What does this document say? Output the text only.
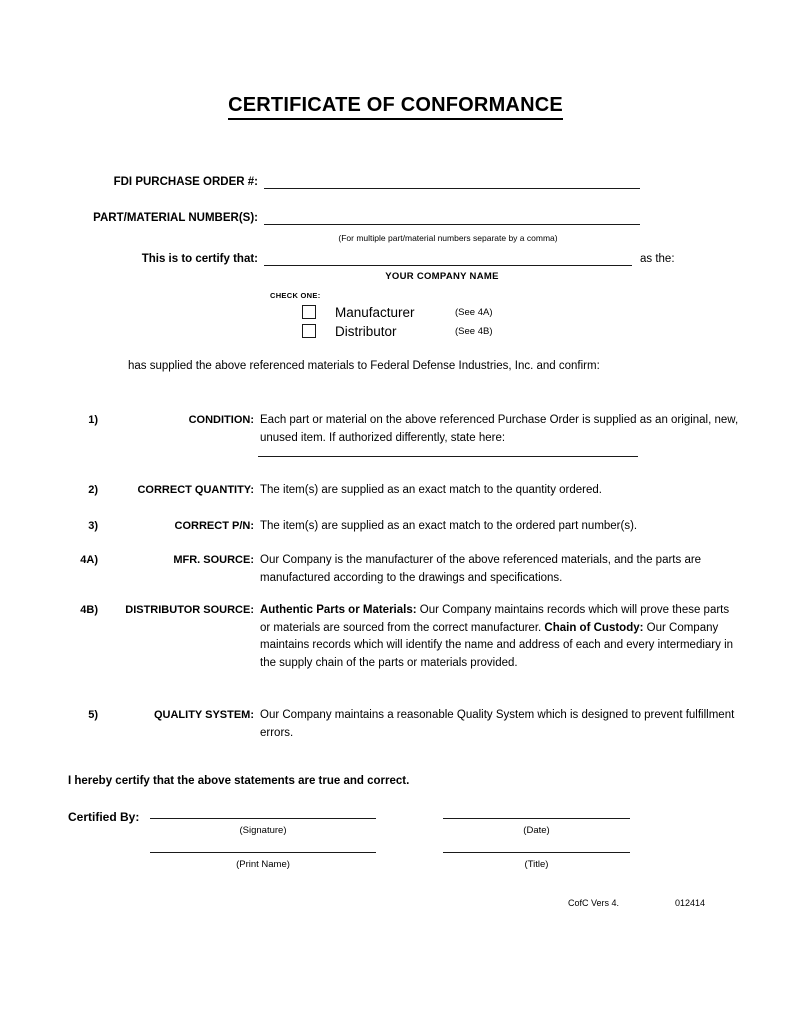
CERTIFICATE OF CONFORMANCE
FDI PURCHASE ORDER #:
PART/MATERIAL NUMBER(S):
(For multiple part/material numbers separate by a comma)
This is to certify that:	as the:
YOUR COMPANY NAME
CHECK ONE:
Manufacturer	(See 4A)
Distributor	(See 4B)
has supplied the above referenced materials to Federal Defense Industries, Inc. and confirm:
1)	CONDITION: Each part or material on the above referenced Purchase Order is supplied as an original, new, unused item. If authorized differently, state here:
2)	CORRECT QUANTITY: The item(s) are supplied as an exact match to the quantity ordered.
3)	CORRECT P/N: The item(s) are supplied as an exact match to the ordered part number(s).
4A)	MFR. SOURCE: Our Company is the manufacturer of the above referenced materials, and the parts are manufactured according to the drawings and specifications.
4B)	DISTRIBUTOR SOURCE: Authentic Parts or Materials: Our Company maintains records which will prove these parts or materials are sourced from the correct manufacturer. Chain of Custody: Our Company maintains records which will identify the name and address of each and every intermediary in the supply chain of the parts or materials provided.
5)	QUALITY SYSTEM: Our Company maintains a reasonable Quality System which is designed to prevent fulfillment errors.
I hereby certify that the above statements are true and correct.
Certified By:
(Signature)	(Date)
(Print Name)	(Title)
CofC Vers 4.	012414
